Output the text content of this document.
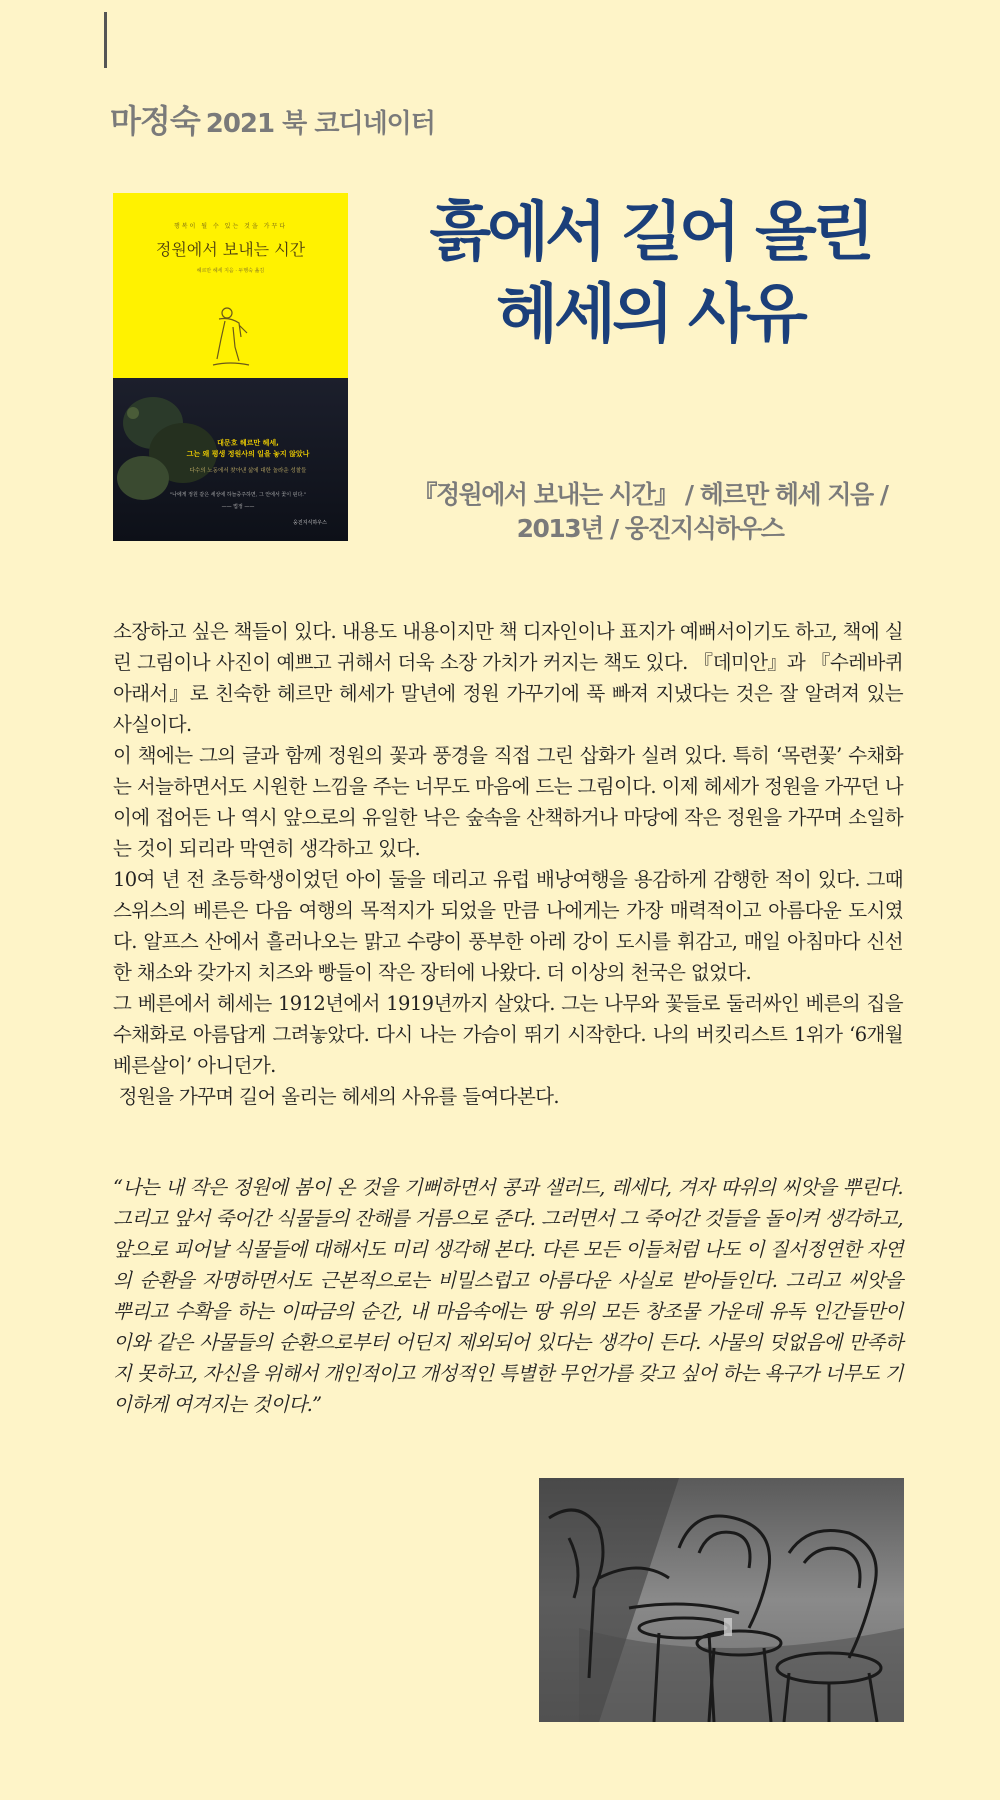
마정숙 2021 북 코디네이터
행복이 될 수 있는 것을 가꾸다
정원에서 보내는 시간
헤르만 헤세 지음 · 두행숙 옮김
대문호 헤르만 헤세,
그는 왜 평생 정원사의 일을 놓지 않았나
다수의 노동에서 찾아낸 삶에 대한 놀라운 성찰들
"나에게 정원 같은 세상에 하늘중주하면, 그 안에서 꽃이 핀다."
—— 법정 ——
웅진지식하우스
흙에서 길어 올린
헤세의 사유
『정원에서 보내는 시간』 / 헤르만 헤세 지음 /
2013년 / 웅진지식하우스

소장하고 싶은 책들이 있다. 내용도 내용이지만 책 디자인이나 표지가 예뻐서이기도 하고, 책에 실린 그림이나 사진이 예쁘고 귀해서 더욱 소장 가치가 커지는 책도 있다. 『데미안』과 『수레바퀴 아래서』로 친숙한 헤르만 헤세가 말년에 정원 가꾸기에 푹 빠져 지냈다는 것은 잘 알려져 있는 사실이다.

이 책에는 그의 글과 함께 정원의 꽃과 풍경을 직접 그린 삽화가 실려 있다. 특히 ‘목련꽃’ 수채화는 서늘하면서도 시원한 느낌을 주는 너무도 마음에 드는 그림이다. 이제 헤세가 정원을 가꾸던 나이에 접어든 나 역시 앞으로의 유일한 낙은 숲속을 산책하거나 마당에 작은 정원을 가꾸며 소일하는 것이 되리라 막연히 생각하고 있다.

10여 년 전 초등학생이었던 아이 둘을 데리고 유럽 배낭여행을 용감하게 감행한 적이 있다. 그때 스위스의 베른은 다음 여행의 목적지가 되었을 만큼 나에게는 가장 매력적이고 아름다운 도시였다. 알프스 산에서 흘러나오는 맑고 수량이 풍부한 아레 강이 도시를 휘감고, 매일 아침마다 신선한 채소와 갖가지 치즈와 빵들이 작은 장터에 나왔다. 더 이상의 천국은 없었다.

그 베른에서 헤세는 1912년에서 1919년까지 살았다. 그는 나무와 꽃들로 둘러싸인 베른의 집을 수채화로 아름답게 그려놓았다. 다시 나는 가슴이 뛰기 시작한다. 나의 버킷리스트 1위가 ‘6개월 베른살이’ 아니던가.

정원을 가꾸며 길어 올리는 헤세의 사유를 들여다본다.

“나는 내 작은 정원에 봄이 온 것을 기뻐하면서 콩과 샐러드, 레세다, 겨자 따위의 씨앗을 뿌린다. 그리고 앞서 죽어간 식물들의 잔해를 거름으로 준다. 그러면서 그 죽어간 것들을 돌이켜 생각하고, 앞으로 피어날 식물들에 대해서도 미리 생각해 본다. 다른 모든 이들처럼 나도 이 질서정연한 자연의 순환을 자명하면서도 근본적으로는 비밀스럽고 아름다운 사실로 받아들인다. 그리고 씨앗을 뿌리고 수확을 하는 이따금의 순간, 내 마음속에는 땅 위의 모든 창조물 가운데 유독 인간들만이 이와 같은 사물들의 순환으로부터 어딘지 제외되어 있다는 생각이 든다. 사물의 덧없음에 만족하지 못하고, 자신을 위해서 개인적이고 개성적인 특별한 무언가를 갖고 싶어 하는 욕구가 너무도 기이하게 여겨지는 것이다.”
